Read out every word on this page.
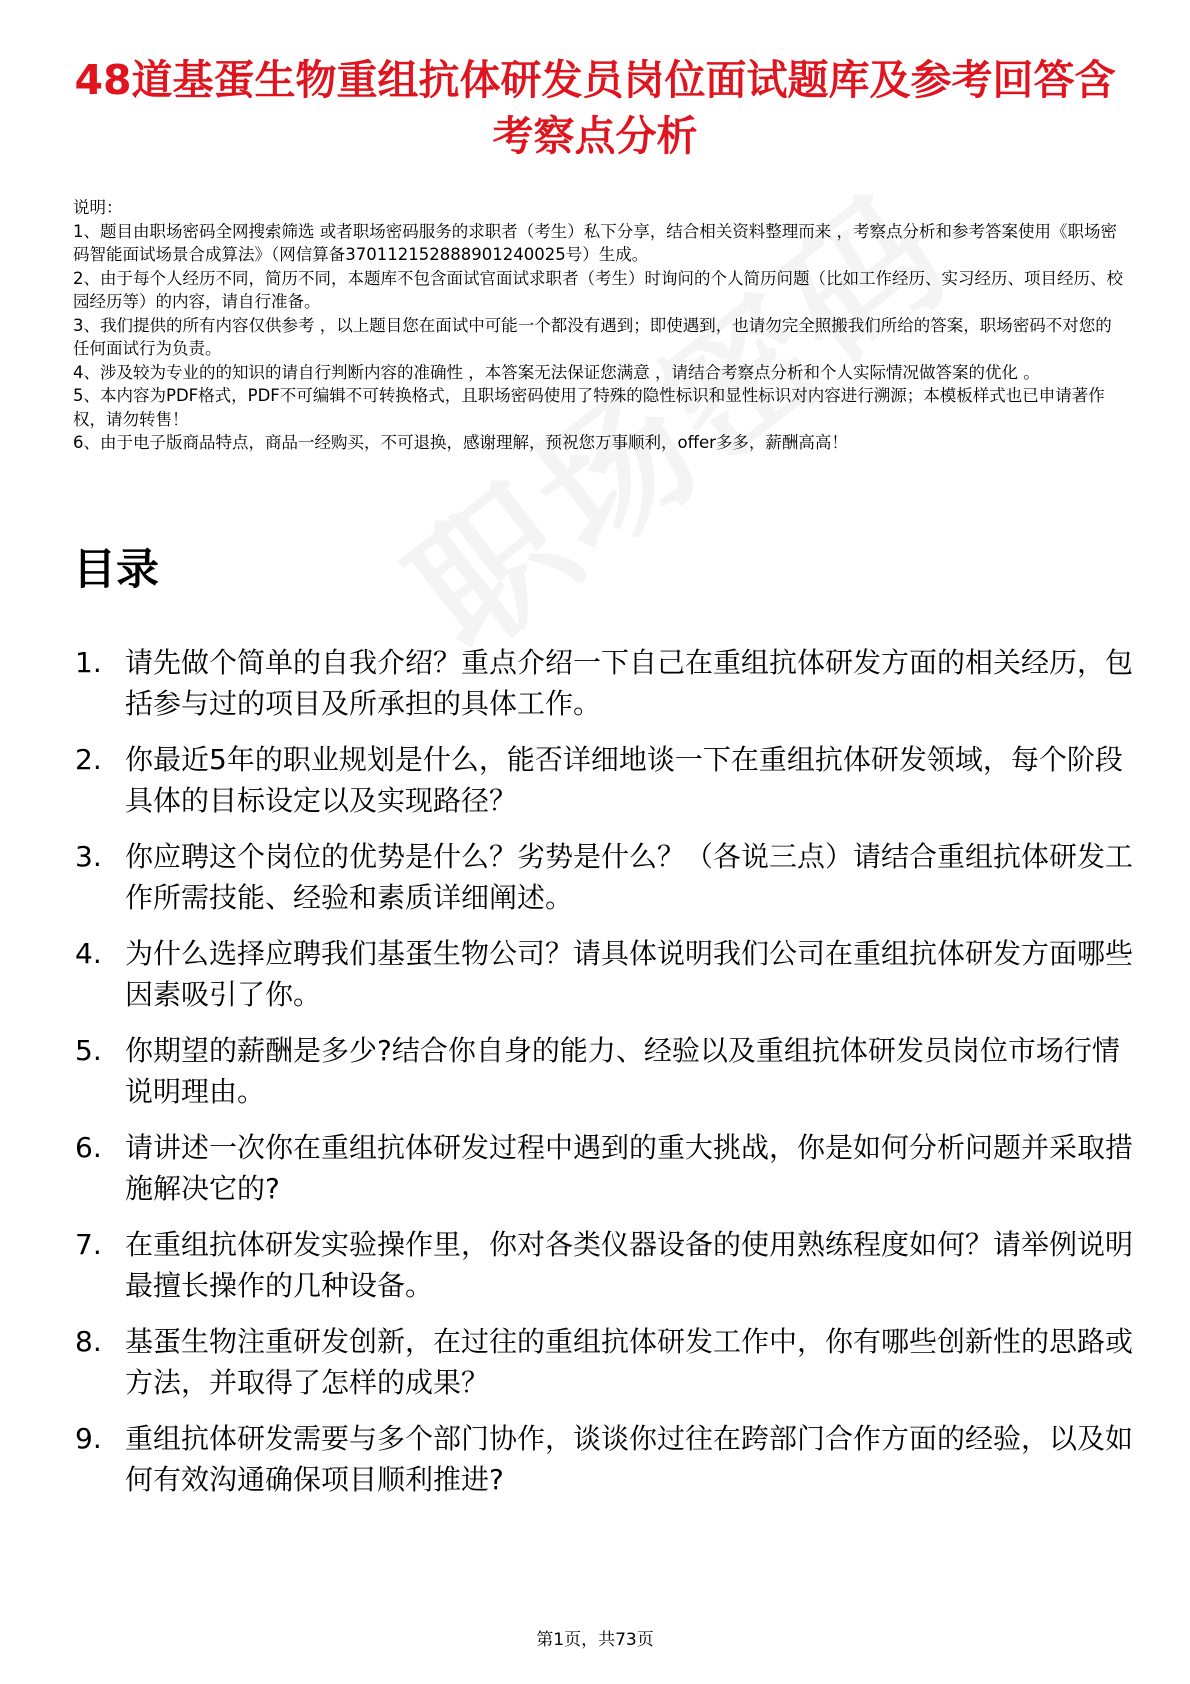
48道基蛋生物重组抗体研发员岗位面试题库及参考回答含考察点分析

说明：

1、题目由职场密码全网搜索筛选 或者职场密码服务的求职者（考生）私下分享，结合相关资料整理而来 ，考察点分析和参考答案使用《职场密码智能面试场景合成算法》（网信算备370112152888901240025号）生成。

2、由于每个人经历不同，简历不同，本题库不包含面试官面试求职者（考生）时询问的个人简历问题（比如工作经历、实习经历、项目经历、校园经历等）的内容，请自行准备。

3、我们提供的所有内容仅供参考 ，以上题目您在面试中可能一个都没有遇到；即使遇到，也请勿完全照搬我们所给的答案，职场密码不对您的任何面试行为负责。

4、涉及较为专业的的知识的请自行判断内容的准确性 ，本答案无法保证您满意 ，请结合考察点分析和个人实际情况做答案的优化 。

5、本内容为PDF格式，PDF不可编辑不可转换格式，且职场密码使用了特殊的隐性标识和显性标识对内容进行溯源；本模板样式也已申请著作权，请勿转售！

6、由于电子版商品特点，商品一经购买，不可退换，感谢理解，预祝您万事顺利，offer多多，薪酬高高！

目录
1. 请先做个简单的自我介绍？重点介绍一下自己在重组抗体研发方面的相关经历，包括参与过的项目及所承担的具体工作。
2. 你最近5年的职业规划是什么，能否详细地谈一下在重组抗体研发领域，每个阶段具体的目标设定以及实现路径？
3. 你应聘这个岗位的优势是什么？劣势是什么？（各说三点）请结合重组抗体研发工作所需技能、经验和素质详细阐述。
4. 为什么选择应聘我们基蛋生物公司？请具体说明我们公司在重组抗体研发方面哪些因素吸引了你。
5. 你期望的薪酬是多少?结合你自身的能力、经验以及重组抗体研发员岗位市场行情说明理由。
6. 请讲述一次你在重组抗体研发过程中遇到的重大挑战，你是如何分析问题并采取措施解决它的?
7. 在重组抗体研发实验操作里，你对各类仪器设备的使用熟练程度如何？请举例说明最擅长操作的几种设备。
8. 基蛋生物注重研发创新，在过往的重组抗体研发工作中，你有哪些创新性的思路或方法，并取得了怎样的成果？
9. 重组抗体研发需要与多个部门协作，谈谈你过往在跨部门合作方面的经验，以及如何有效沟通确保项目顺利推进?
第1页，共73页
